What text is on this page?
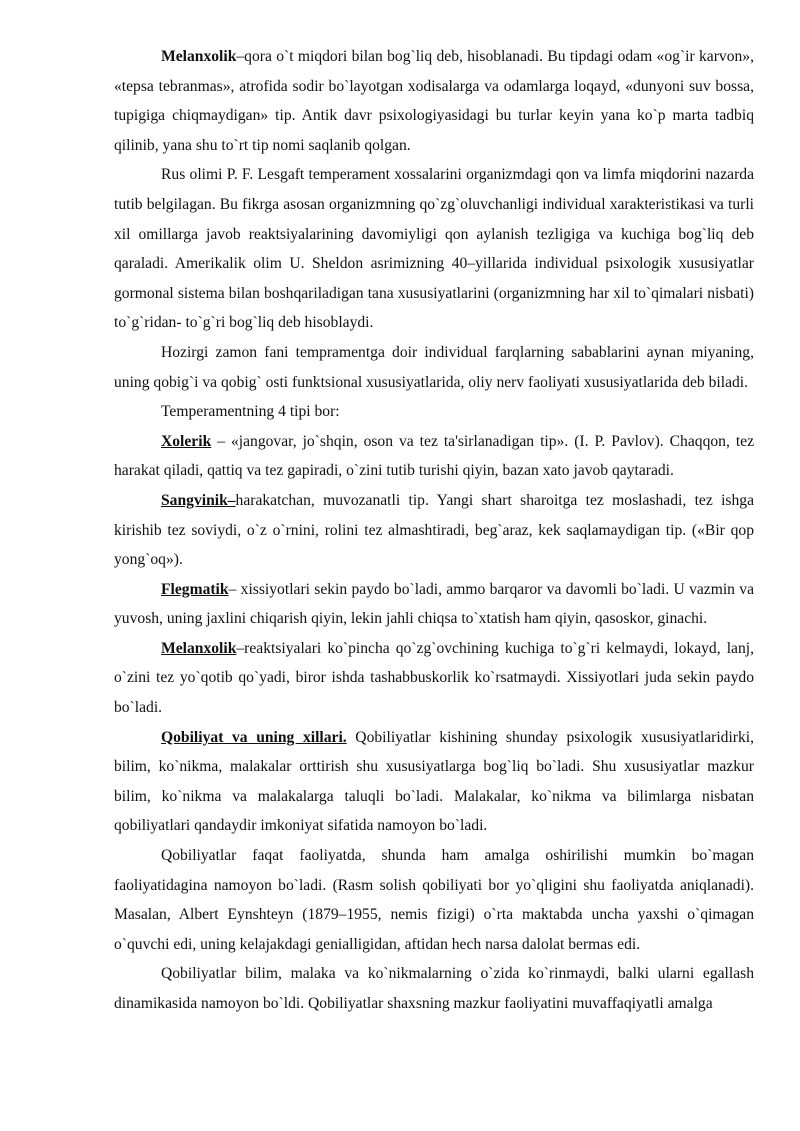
Melanxolik–qora o`t miqdori bilan bog`liq deb, hisoblanadi. Bu tipdagi odam «og`ir karvon», «tepsa tebranmas», atrofida sodir bo`layotgan xodisalarga va odamlarga loqayd, «dunyoni suv bossa, tupigiga chiqmaydigan» tip. Antik davr psixologiyasidagi bu turlar keyin yana ko`p marta tadbiq qilinib, yana shu to`rt tip nomi saqlanib qolgan.

Rus olimi P. F. Lesgaft temperament xossalarini organizmdagi qon va limfa miqdorini nazarda tutib belgilagan. Bu fikrga asosan organizmning qo`zg`oluvchanligi individual xarakteristikasi va turli xil omillarga javob reaktsiyalarining davomiyligi qon aylanish tezligiga va kuchiga bog`liq deb qaraladi. Amerikalik olim U. Sheldon asrimizning 40–yillarida individual psixologik xususiyatlar gormonal sistema bilan boshqariladigan tana xususiyatlarini (organizmning har xil to`qimalari nisbati) to`g`ridan- to`g`ri bog`liq deb hisoblaydi.

Hozirgi zamon fani tempramentga doir individual farqlarning sabablarini aynan miyaning, uning qobig`i va qobig` osti funktsional xususiyatlarida, oliy nerv faoliyati xususiyatlarida deb biladi.

Temperamentning 4 tipi bor:

Xolerik – «jangovar, jo`shqin, oson va tez ta'sirlanadigan tip». (I. P. Pavlov). Chaqqon, tez harakat qiladi, qattiq va tez gapiradi, o`zini tutib turishi qiyin, bazan xato javob qaytaradi.

Sangvinik–harakatchan, muvozanatli tip. Yangi shart sharoitga tez moslashadi, tez ishga kirishib tez soviydi, o`z o`rnini, rolini tez almashtiradi, beg`araz, kek saqlamaydigan tip. («Bir qop yong`oq»).

Flegmatik– xissiyotlari sekin paydo bo`ladi, ammo barqaror va davomli bo`ladi. U vazmin va yuvosh, uning jaxlini chiqarish qiyin, lekin jahli chiqsa to`xtatish ham qiyin, qasoskor, ginachi.

Melanxolik–reaktsiyalari ko`pincha qo`zg`ovchining kuchiga to`g`ri kelmaydi, lokayd, lanj, o`zini tez yo`qotib qo`yadi, biror ishda tashabbuskorlik ko`rsatmaydi. Xissiyotlari juda sekin paydo bo`ladi.

Qobiliyat va uning xillari. Qobiliyatlar kishining shunday psixologik xususiyatlaridirki, bilim, ko`nikma, malakalar orttirish shu xususiyatlarga bog`liq bo`ladi. Shu xususiyatlar mazkur bilim, ko`nikma va malakalarga taluqli bo`ladi. Malakalar, ko`nikma va bilimlarga nisbatan qobiliyatlari qandaydir imkoniyat sifatida namoyon bo`ladi.

Qobiliyatlar faqat faoliyatda, shunda ham amalga oshirilishi mumkin bo`magan faoliyatidagina namoyon bo`ladi. (Rasm solish qobiliyati bor yo`qligini shu faoliyatda aniqlanadi). Masalan, Albert Eynshteyn (1879–1955, nemis fizigi) o`rta maktabda uncha yaxshi o`qimagan o`quvchi edi, uning kelajakdagi genialligidan, aftidan hech narsa dalolat bermas edi.

Qobiliyatlar bilim, malaka va ko`nikmalarning o`zida ko`rinmaydi, balki ularni egallash dinamikasida namoyon bo`ldi. Qobiliyatlar shaxsning mazkur faoliyatini muvaffaqiyatli amalga
